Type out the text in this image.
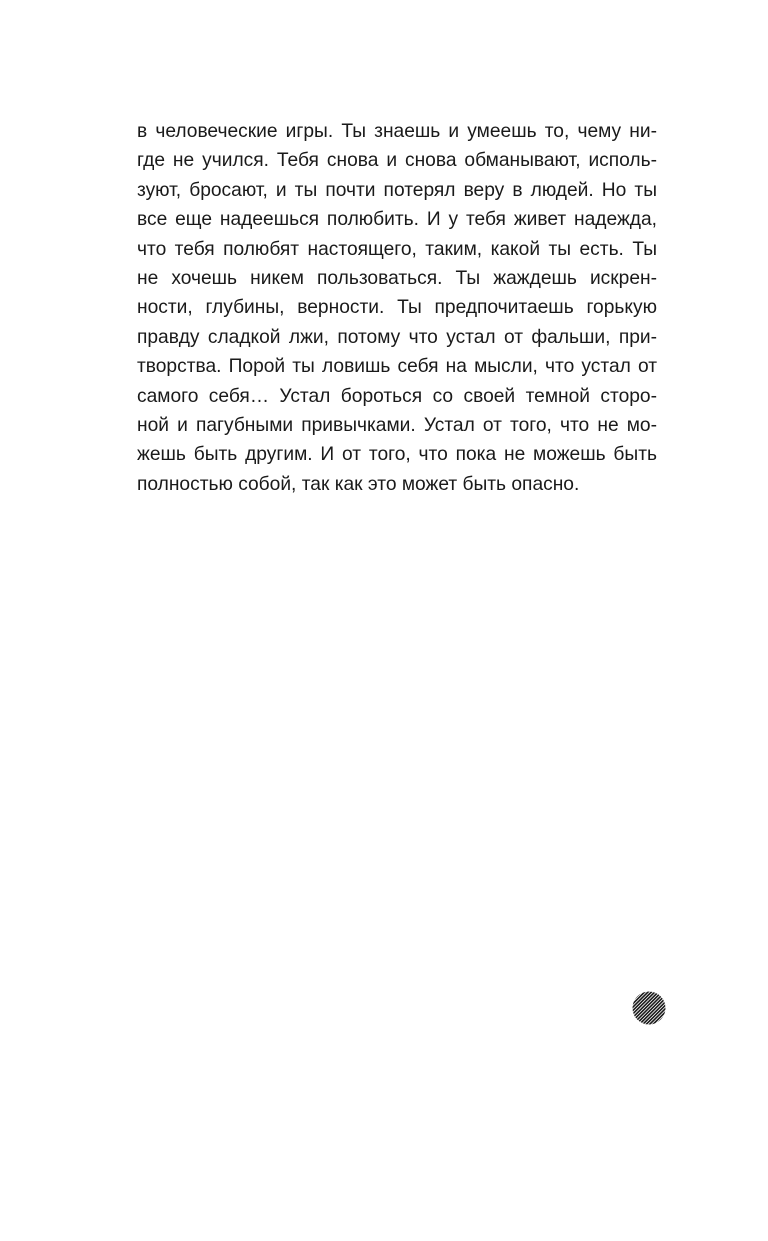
в человеческие игры. Ты знаешь и умеешь то, чему ни-
где не учился. Тебя снова и снова обманывают, исполь-
зуют, бросают, и ты почти потерял веру в людей. Но ты
все еще надеешься полюбить. И у тебя живет надежда,
что тебя полюбят настоящего, таким, какой ты есть. Ты
не хочешь никем пользоваться. Ты жаждешь искрен-
ности, глубины, верности. Ты предпочитаешь горькую
правду сладкой лжи, потому что устал от фальши, при-
творства. Порой ты ловишь себя на мысли, что устал от
самого себя… Устал бороться со своей темной сторо-
ной и пагубными привычками. Устал от того, что не мо-
жешь быть другим. И от того, что пока не можешь быть
полностью собой, так как это может быть опасно.
